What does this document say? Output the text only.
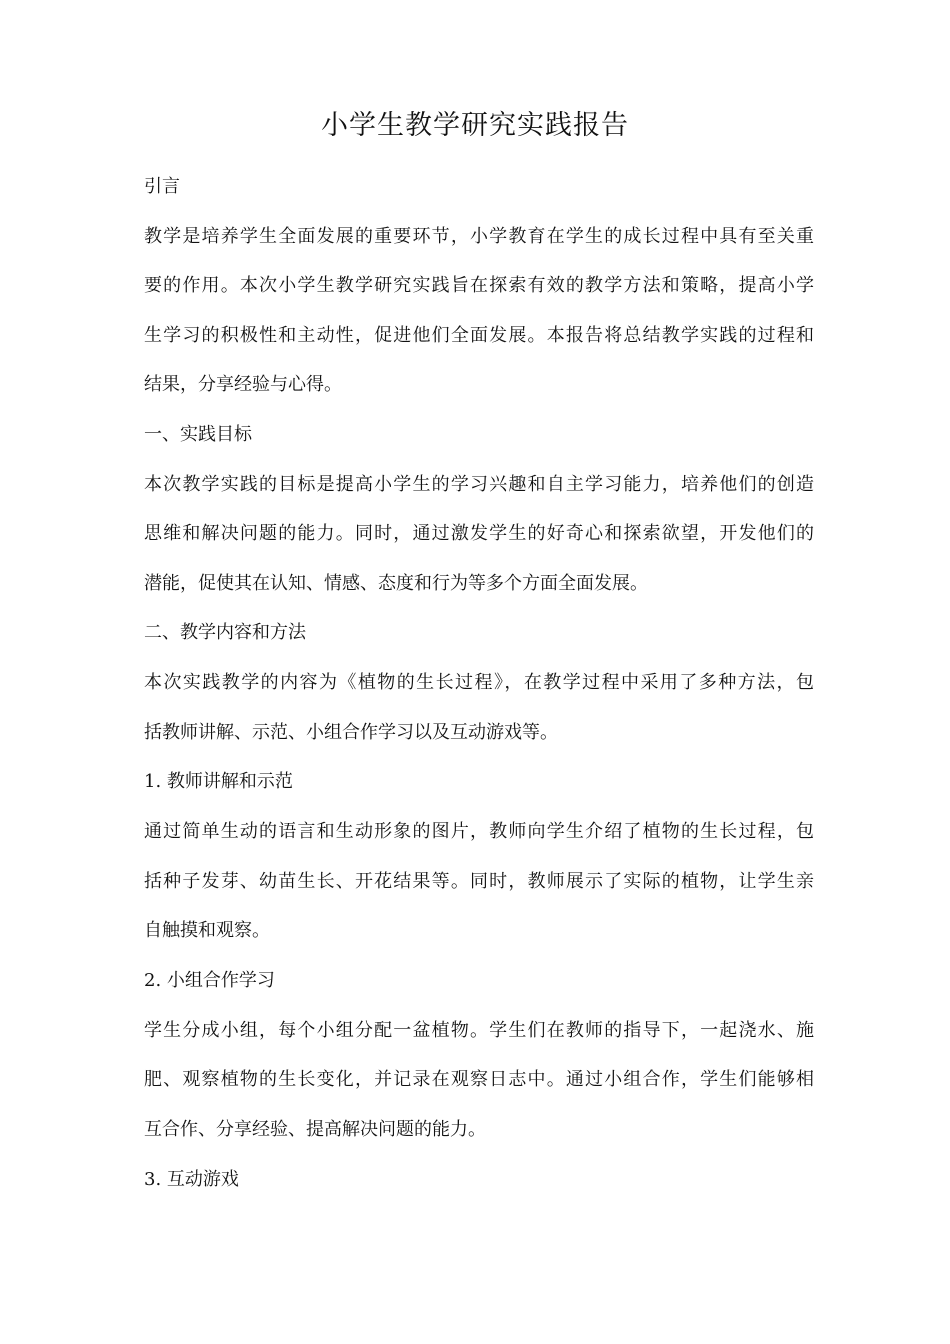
小学生教学研究实践报告

引言

教学是培养学生全面发展的重要环节，小学教育在学生的成长过程中具有至关重

要的作用。本次小学生教学研究实践旨在探索有效的教学方法和策略，提高小学

生学习的积极性和主动性，促进他们全面发展。本报告将总结教学实践的过程和

结果，分享经验与心得。

一、实践目标

本次教学实践的目标是提高小学生的学习兴趣和自主学习能力，培养他们的创造

思维和解决问题的能力。同时，通过激发学生的好奇心和探索欲望，开发他们的

潜能，促使其在认知、情感、态度和行为等多个方面全面发展。

二、教学内容和方法

本次实践教学的内容为《植物的生长过程》，在教学过程中采用了多种方法，包

括教师讲解、示范、小组合作学习以及互动游戏等。

1. 教师讲解和示范

通过简单生动的语言和生动形象的图片，教师向学生介绍了植物的生长过程，包

括种子发芽、幼苗生长、开花结果等。同时，教师展示了实际的植物，让学生亲

自触摸和观察。

2. 小组合作学习

学生分成小组，每个小组分配一盆植物。学生们在教师的指导下，一起浇水、施

肥、观察植物的生长变化，并记录在观察日志中。通过小组合作，学生们能够相

互合作、分享经验、提高解决问题的能力。

3. 互动游戏
